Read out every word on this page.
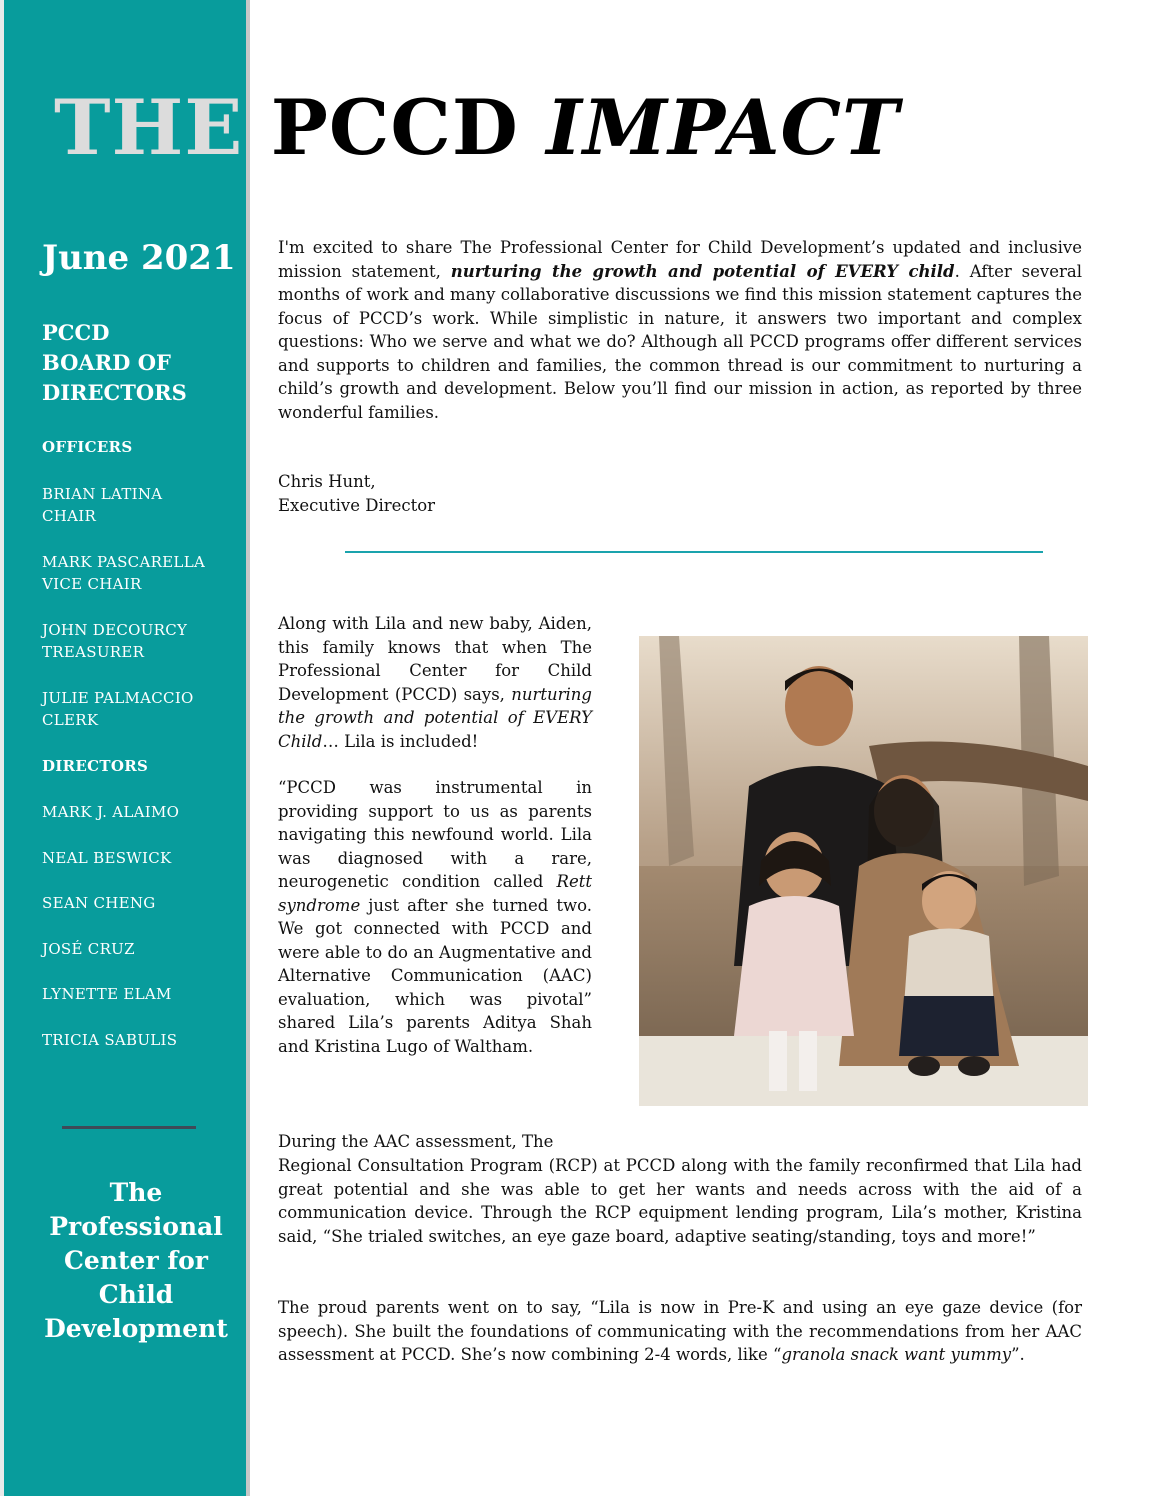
THE PCCD IMPACT
June 2021
PCCD
BOARD OF
DIRECTORS
OFFICERS
BRIAN LATINA
CHAIR
MARK PASCARELLA
VICE CHAIR
JOHN DECOURCY
TREASURER
JULIE PALMACCIO
CLERK
DIRECTORS
MARK J. ALAIMO
NEAL BESWICK
SEAN CHENG
JOSÉ CRUZ
LYNETTE ELAM
TRICIA SABULIS
The
Professional
Center for
Child
Development

I'm excited to share The Professional Center for Child Development’s updated and inclusive mission statement, nurturing the growth and potential of EVERY child. After several months of work and many collaborative discussions we find this mission statement captures the focus of PCCD’s work. While simplistic in nature, it answers two important and complex questions: Who we serve and what we do? Although all PCCD programs offer different services and supports to children and families, the common thread is our commitment to nurturing a child’s growth and development. Below you’ll find our mission in action, as reported by three wonderful families.

Chris Hunt,
Executive Director

Along with Lila and new baby, Aiden, this family knows that when The Professional Center for Child Development (PCCD) says, nurturing the growth and potential of EVERY Child… Lila is included!

“PCCD was instrumental in providing support to us as parents navigating this newfound world. Lila was diagnosed with a rare, neurogenetic condition called Rett syndrome just after she turned two. We got connected with PCCD and were able to do an Augmentative and Alternative Communication (AAC) evaluation, which was pivotal” shared Lila’s parents Aditya Shah and Kristina Lugo of Waltham.

During the AAC assessment, The

Regional Consultation Program (RCP) at PCCD along with the family reconfirmed that Lila had great potential and she was able to get her wants and needs across with the aid of a communication device. Through the RCP equipment lending program, Lila’s mother, Kristina said, “She trialed switches, an eye gaze board, adaptive seating/standing, toys and more!”

The proud parents went on to say, “Lila is now in Pre-K and using an eye gaze device (for speech). She built the foundations of communicating with the recommendations from her AAC assessment at PCCD. She’s now combining 2-4 words, like “granola snack want yummy”.
